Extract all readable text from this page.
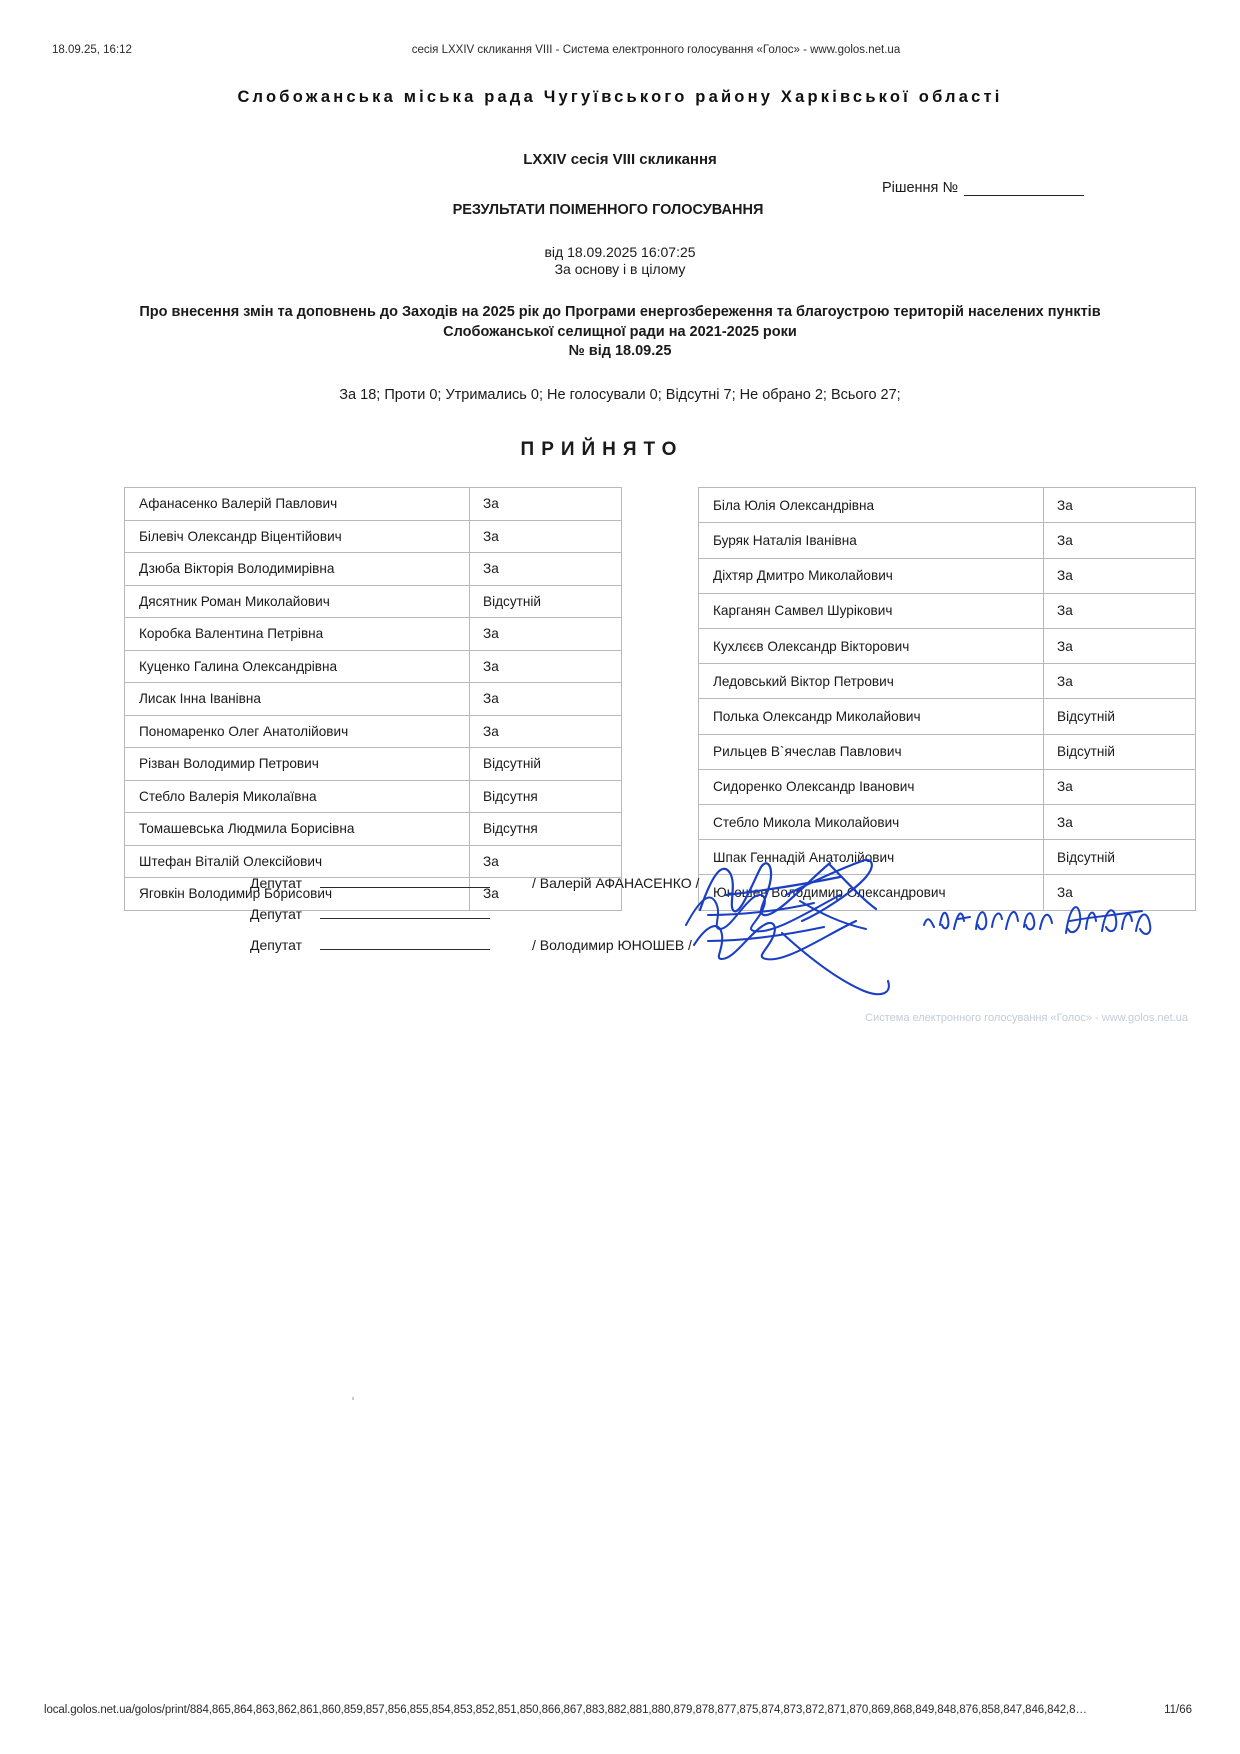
18.09.25, 16:12	сесія LXXIV скликання VIII - Система електронного голосування «Голос» - www.golos.net.ua
Слобожанська міська рада Чугуївського району Харківської області
LXXIV сесія VIII скликання
Рішення №
РЕЗУЛЬТАТИ ПОІМЕННОГО ГОЛОСУВАННЯ
від 18.09.2025 16:07:25
За основу і в цілому
Про внесення змін та доповнень до Заходів на 2025 рік до Програми енергозбереження та благоустрою територій населених пунктів Слобожанської селищної ради на 2021-2025 роки
№ від 18.09.25
За 18; Проти 0; Утримались 0; Не голосували 0; Відсутні 7; Не обрано 2; Всього 27;
ПРИЙНЯТО
Афанасенко Валерій Павлович	За
Білевіч Олександр Віцентійович	За
Дзюба Вікторія Володимирівна	За
Дясятник Роман Миколайович	Відсутній
Коробка Валентина Петрівна	За
Куценко Галина Олександрівна	За
Лисак Інна Іванівна	За
Пономаренко Олег Анатолійович	За
Різван Володимир Петрович	Відсутній
Стебло Валерія Миколаївна	Відсутня
Томашевська Людмила Борисівна	Відсутня
Штефан Віталій Олексійович	За
Яговкін Володимир Борисович	За
Біла Юлія Олександрівна	За
Буряк Наталія Іванівна	За
Діхтяр Дмитро Миколайович	За
Карганян Самвел Шурікович	За
Кухлєєв Олександр Вікторович	За
Ледовський Віктор Петрович	За
Полька Олександр Миколайович	Відсутній
Рильцев В`ячеслав Павлович	Відсутній
Сидоренко Олександр Іванович	За
Стебло Микола Миколайович	За
Шпак Геннадій Анатолійович	Відсутній
Юношев Володимир Олександрович	За
Депутат	/ Валерій АФАНАСЕНКО /
Депутат
Депутат	/ Володимир ЮНОШЕВ /
Система електронного голосування «Голос» - www.golos.net.ua
local.golos.net.ua/golos/print/884,865,864,863,862,861,860,859,857,856,855,854,853,852,851,850,866,867,883,882,881,880,879,878,877,875,874,873,872,871,870,869,868,849,848,876,858,847,846,842,8…	11/66
